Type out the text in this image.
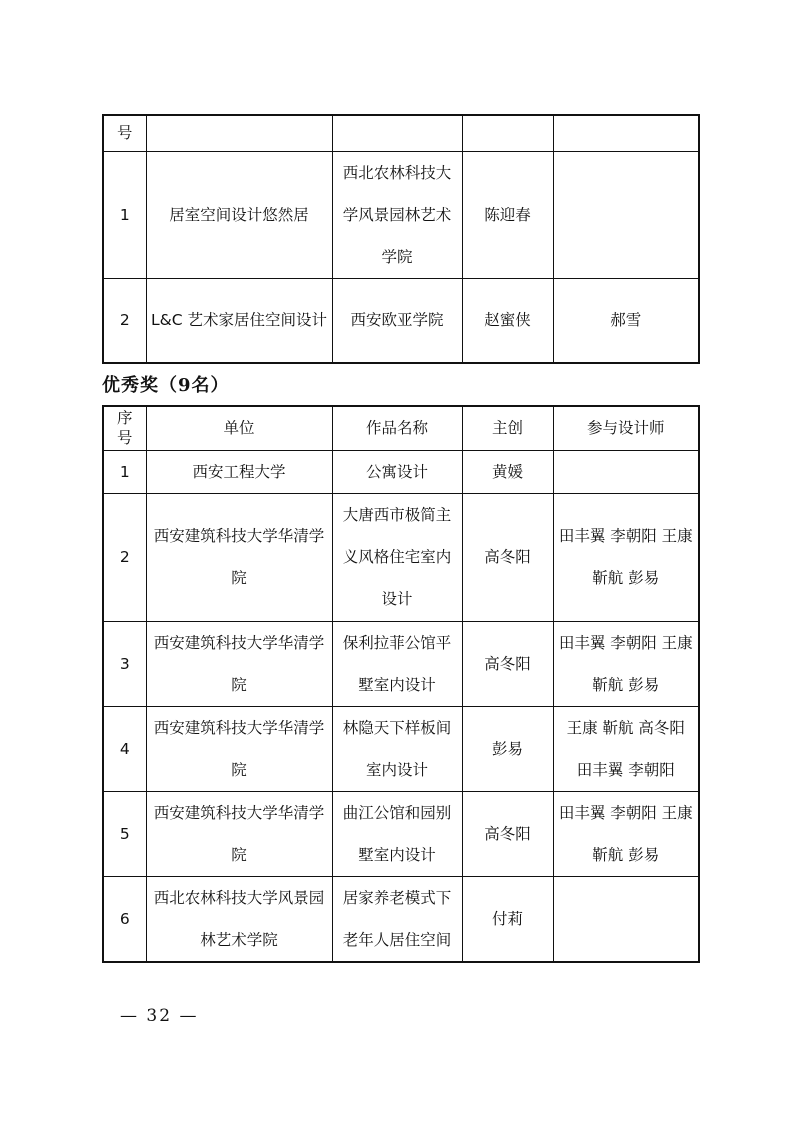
号				
1	居室空间设计悠然居	西北农林科技大学风景园林艺术学院	陈迎春	
2	L&C 艺术家居住空间设计	西安欧亚学院	赵蜜侠	郝雪
优秀奖（9名）
序号	单位	作品名称	主创	参与设计师
1	西安工程大学	公寓设计	黄媛	
2	西安建筑科技大学华清学院	大唐西市极简主义风格住宅室内设计	高冬阳	田丰翼 李朝阳 王康 靳航 彭易
3	西安建筑科技大学华清学院	保利拉菲公馆平墅室内设计	高冬阳	田丰翼 李朝阳 王康 靳航 彭易
4	西安建筑科技大学华清学院	林隐天下样板间室内设计	彭易	王康 靳航 高冬阳 田丰翼 李朝阳
5	西安建筑科技大学华清学院	曲江公馆和园别墅室内设计	高冬阳	田丰翼 李朝阳 王康 靳航 彭易
6	西北农林科技大学风景园林艺术学院	居家养老模式下老年人居住空间	付莉	
— 32 —
